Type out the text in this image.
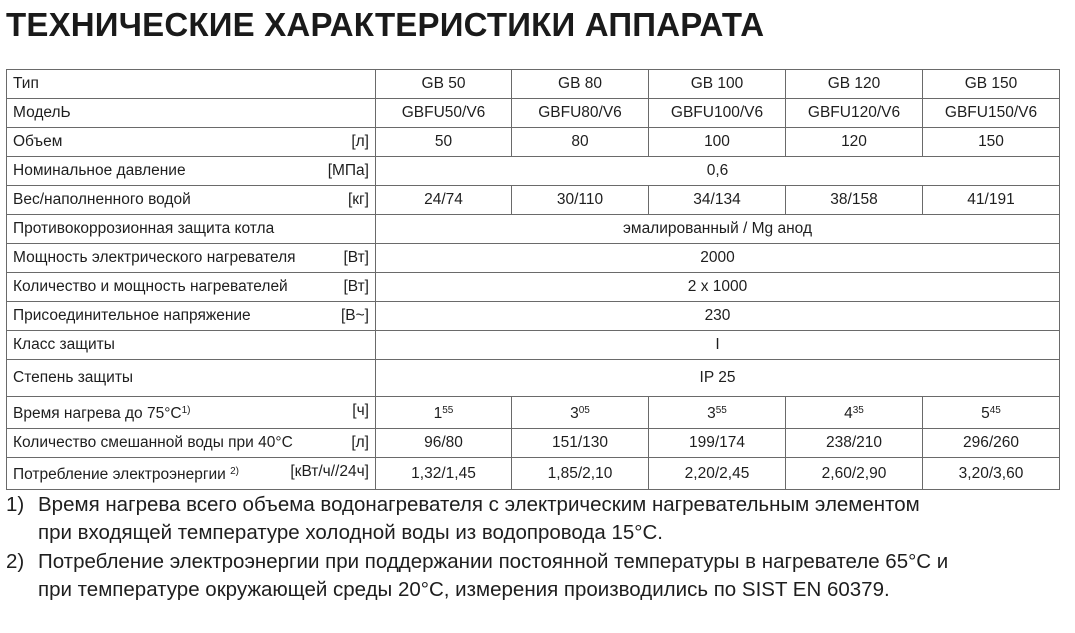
ТЕХНИЧЕСКИЕ ХАРАКТЕРИСТИКИ АППАРАТА
Тип	GB 50	GB 80	GB 100	GB 120	GB 150

МоделЬ	GBFU50/V6	GBFU80/V6	GBFU100/V6	GBFU120/V6	GBFU150/V6

Объем [л]	50	80	100	120	150

Номинальное давление [МПа]	0,6				

Вес/наполненного водой [кг]	24/74	30/110	34/134	38/158	41/191

Противокоррозионная защита котла	эмалированный / Mg анод				

Мощность электрического нагревателя [Вт]	2000				

Количество и мощность нагревателей [Вт]	2 x 1000				

Присоединительное напряжение [В~]	230				

Класс защиты	I				

Степень защиты	IP 25				

Время нагрева до $75^\circ C^{1)}$ [ч]	$1^{55}$	$3^{05}$	$3^{55}$	$4^{35}$	$5^{45}$

Количество смешанной воды при 40°C [л]	96/80	151/130	199/174	238/210	296/260

Потребление электроэнергии $^{2)}$ [кВт/ч//24ч]	1,32/1,45	1,85/2,10	2,20/2,45	2,60/2,90	3,20/3,60

1) Время нагрева всего объема водонагревателя с электрическим нагревательным элементом
при входящей температуре холодной воды из водопровода 15°C.

2) Потребление электроэнергии при поддержании постоянной температуры в нагревателе 65°C и
при температуре окружающей среды 20°C, измерения производились по SIST EN 60379.
